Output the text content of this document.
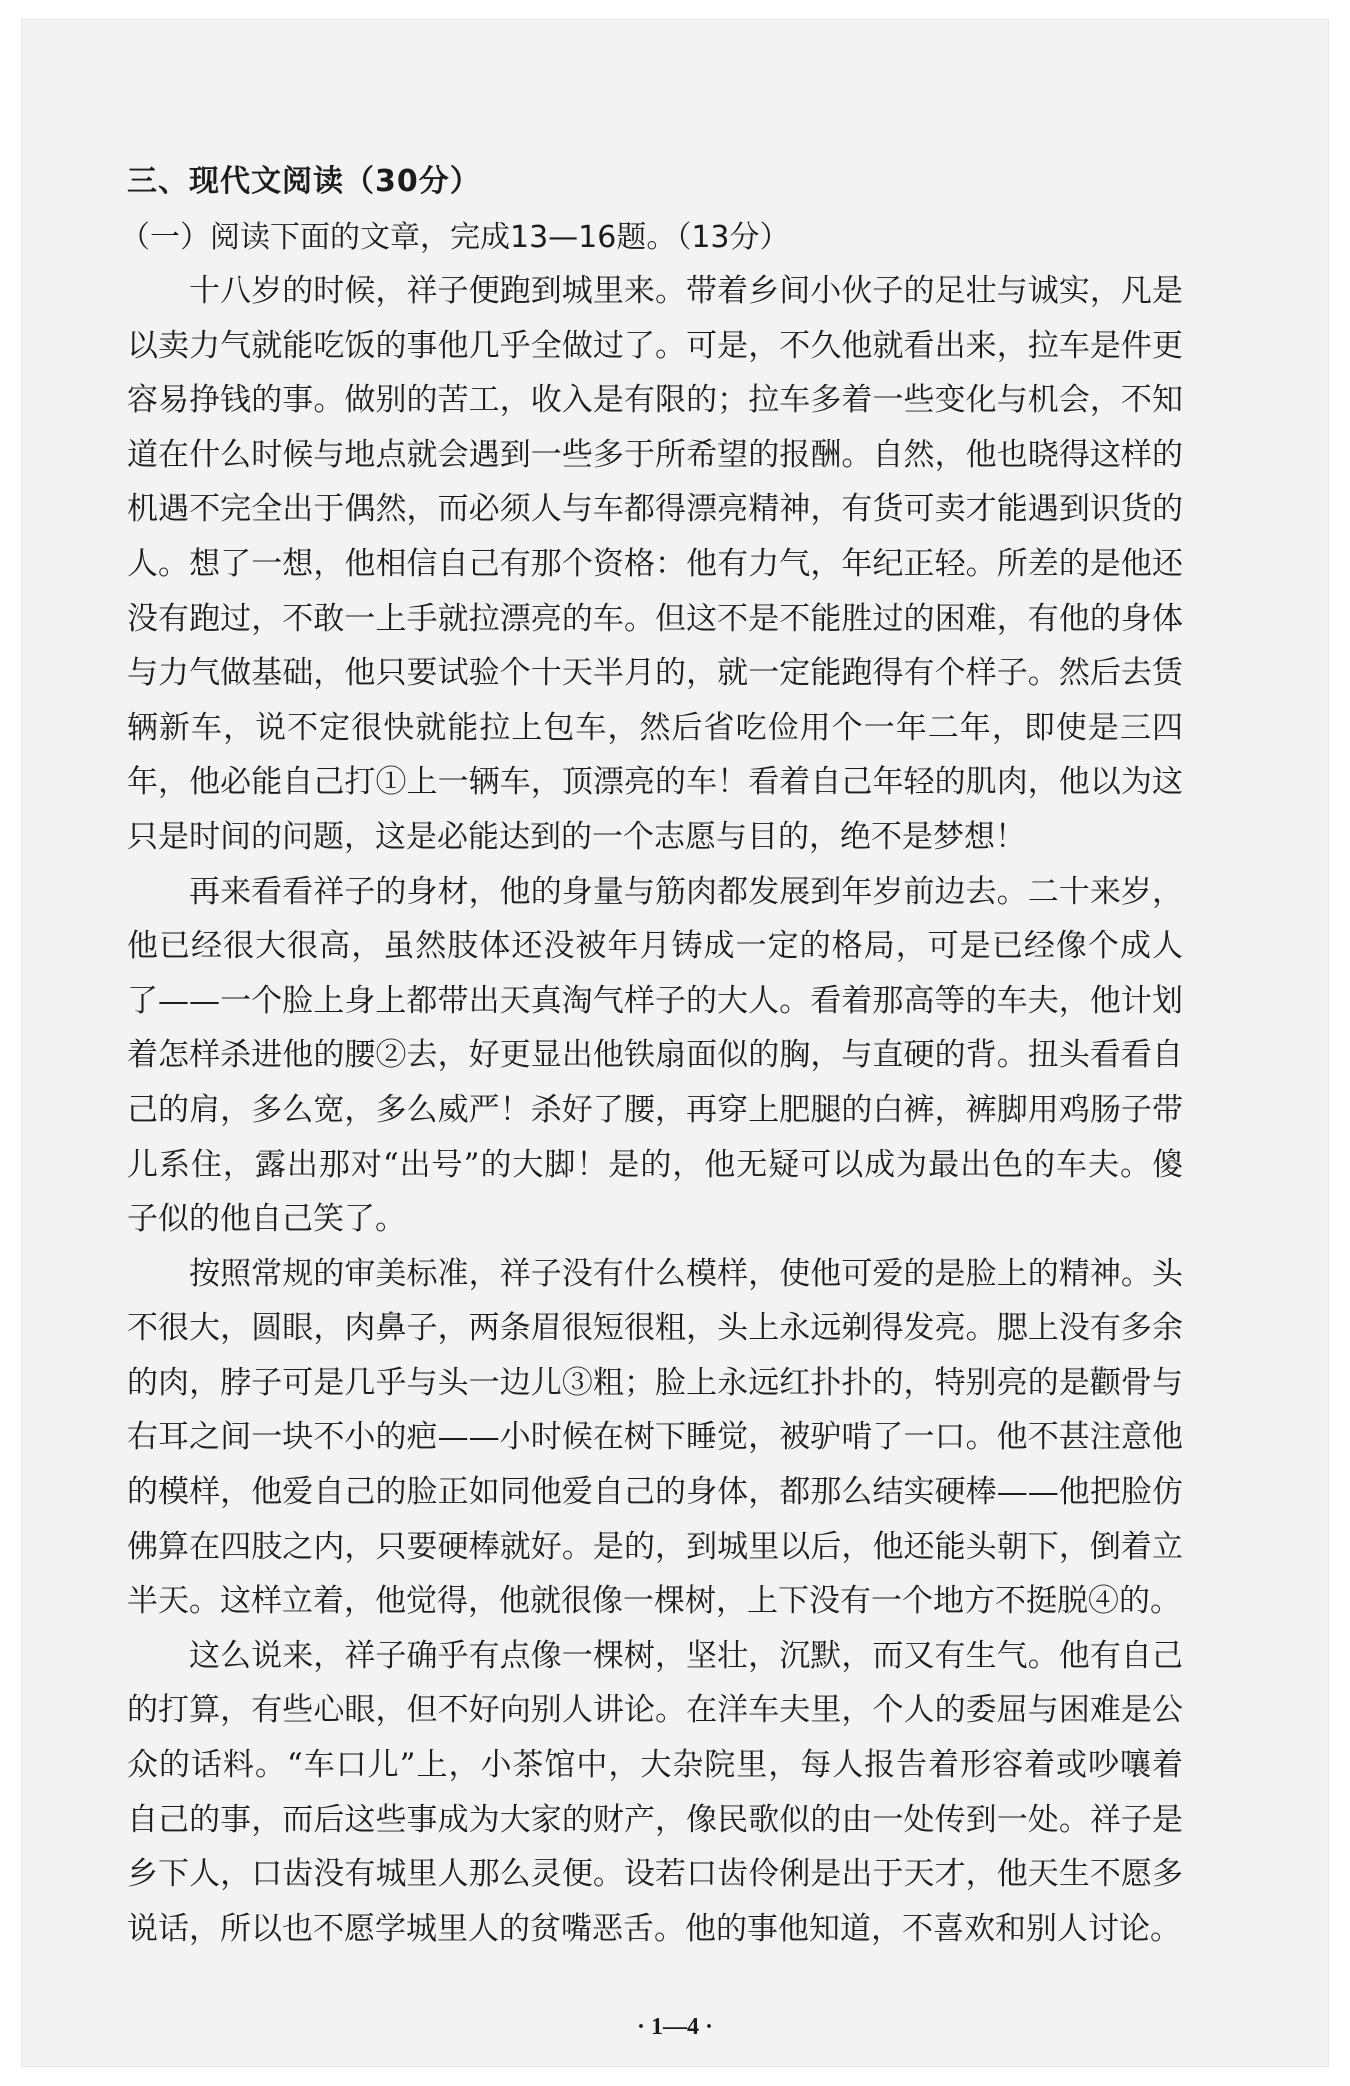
三、现代文阅读（30分）
（一）阅读下面的文章，完成13—16题。（13分）
十八岁的时候，祥子便跑到城里来。带着乡间小伙子的足壮与诚实，凡是
以卖力气就能吃饭的事他几乎全做过了。可是，不久他就看出来，拉车是件更
容易挣钱的事。做别的苦工，收入是有限的；拉车多着一些变化与机会，不知
道在什么时候与地点就会遇到一些多于所希望的报酬。自然，他也晓得这样的
机遇不完全出于偶然，而必须人与车都得漂亮精神，有货可卖才能遇到识货的
人。想了一想，他相信自己有那个资格：他有力气，年纪正轻。所差的是他还
没有跑过，不敢一上手就拉漂亮的车。但这不是不能胜过的困难，有他的身体
与力气做基础，他只要试验个十天半月的，就一定能跑得有个样子。然后去赁
辆新车，说不定很快就能拉上包车，然后省吃俭用个一年二年，即使是三四
年，他必能自己打①上一辆车，顶漂亮的车！看着自己年轻的肌肉，他以为这
只是时间的问题，这是必能达到的一个志愿与目的，绝不是梦想！
再来看看祥子的身材，他的身量与筋肉都发展到年岁前边去。二十来岁，
他已经很大很高，虽然肢体还没被年月铸成一定的格局，可是已经像个成人
了——一个脸上身上都带出天真淘气样子的大人。看着那高等的车夫，他计划
着怎样杀进他的腰②去，好更显出他铁扇面似的胸，与直硬的背。扭头看看自
己的肩，多么宽，多么威严！杀好了腰，再穿上肥腿的白裤，裤脚用鸡肠子带
儿系住，露出那对“出号”的大脚！是的，他无疑可以成为最出色的车夫。傻
子似的他自己笑了。
按照常规的审美标准，祥子没有什么模样，使他可爱的是脸上的精神。头
不很大，圆眼，肉鼻子，两条眉很短很粗，头上永远剃得发亮。腮上没有多余
的肉，脖子可是几乎与头一边儿③粗；脸上永远红扑扑的，特别亮的是颧骨与
右耳之间一块不小的疤——小时候在树下睡觉，被驴啃了一口。他不甚注意他
的模样，他爱自己的脸正如同他爱自己的身体，都那么结实硬棒——他把脸仿
佛算在四肢之内，只要硬棒就好。是的，到城里以后，他还能头朝下，倒着立
半天。这样立着，他觉得，他就很像一棵树，上下没有一个地方不挺脱④的。
这么说来，祥子确乎有点像一棵树，坚壮，沉默，而又有生气。他有自己
的打算，有些心眼，但不好向别人讲论。在洋车夫里，个人的委屈与困难是公
众的话料。“车口儿”上，小茶馆中，大杂院里，每人报告着形容着或吵嚷着
自己的事，而后这些事成为大家的财产，像民歌似的由一处传到一处。祥子是
乡下人，口齿没有城里人那么灵便。设若口齿伶俐是出于天才，他天生不愿多
说话，所以也不愿学城里人的贫嘴恶舌。他的事他知道，不喜欢和别人讨论。
· 1—4 ·
